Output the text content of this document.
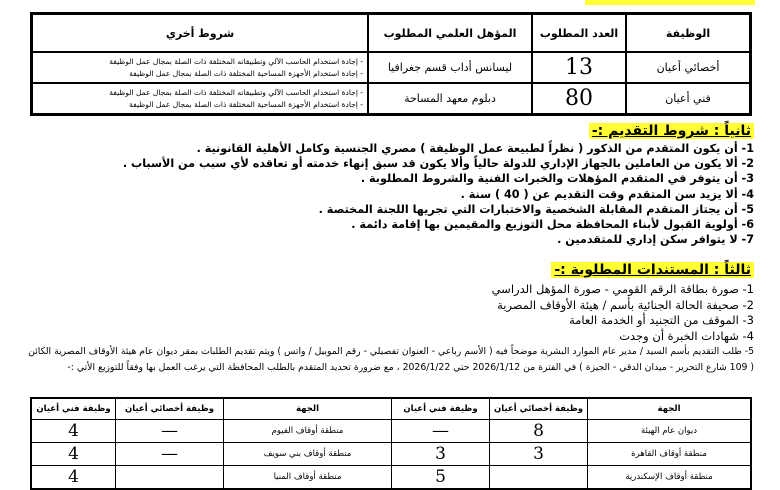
الوظيفة	العدد المطلوب	المؤهل العلمي المطلوب	شروط أخري
أخصائي أعيان	13	ليسانس أداب قسم جغرافيا	- إجادة استخدام الحاسب الآلي وتطبيقاته المختلفة ذات الصلة بمجال عمل الوظيفة
- إجادة استخدام الأجهزة المساحية المختلفة ذات الصلة بمجال عمل الوظيفة

فني أعيان	80	دبلوم معهد المساحة	- إجادة استخدام الحاسب الآلي وتطبيقاته المختلفة ذات الصلة بمجال عمل الوظيفة
- إجادة استخدام الأجهزة المساحية المختلفة ذات الصلة بمجال عمل الوظيفة
ثانياً : شروط التقديم :-
1- أن يكون المتقدم من الذكور ( نظراً لطبيعة عمل الوظيفة ) مصري الجنسية وكامل الأهلية القانونية .
2- ألا يكون من العاملين بالجهاز الإداري للدولة حالياً وألا يكون قد سبق إنهاء خدمته أو تعاقده لأي سبب من الأسباب .
3- أن يتوفر في المتقدم المؤهلات والخبرات الفنية والشروط المطلوبة .
4- ألا يزيد سن المتقدم وقت التقديم عن ( 40 ) سنة .
5- أن يجتاز المتقدم المقابلة الشخصية والاختبارات التي تجريها اللجنة المختصة .
6- أولوية القبول لأبناء المحافظة محل التوزيع والمقيمين بها إقامة دائمة .
7- لا يتوافر سكن إداري للمتقدمين .
ثالثاً : المستندات المطلوبة :-
1- صورة بطاقة الرقم القومي - صورة المؤهل الدراسي
2- صحيفة الحالة الجنائية بأسم / هيئة الأوقاف المصرية
3- الموقف من التجنيد أو الخدمة العامة
4- شهادات الخبرة أن وجدت
5- طلب التقديم بأسم السيد / مدير عام الموارد البشرية موضحاً فيه ( الأسم رباعي - العنوان تفصيلي - رقم الموبيل / واتس ) ويتم تقديم الطلبات بمقر ديوان عام هيئة الأوقاف المصرية الكائن ( 109 شارع التحرير - ميدان الدقي - الجيزة ) في الفترة من 2026/1/12 حتي 2026/1/22 ، مع ضرورة تحديد المتقدم بالطلب المحافظة التي يرغب العمل بها وفقاً للتوزيع الأتي :-
الجهة	وظيفة أخصائي أعيان	وظيفة فني أعيان	الجهة	وظيفة أخصائي أعيان	وظيفة فني أعيان
ديوان عام الهيئة	8	—	منطقة أوقاف الفيوم	—	4
منطقة أوقاف القاهرة	3	3	منطقة أوقاف بني سويف	—	4
منطقة أوقاف الإسكندرية		5	منطقة أوقاف المنيا		4
